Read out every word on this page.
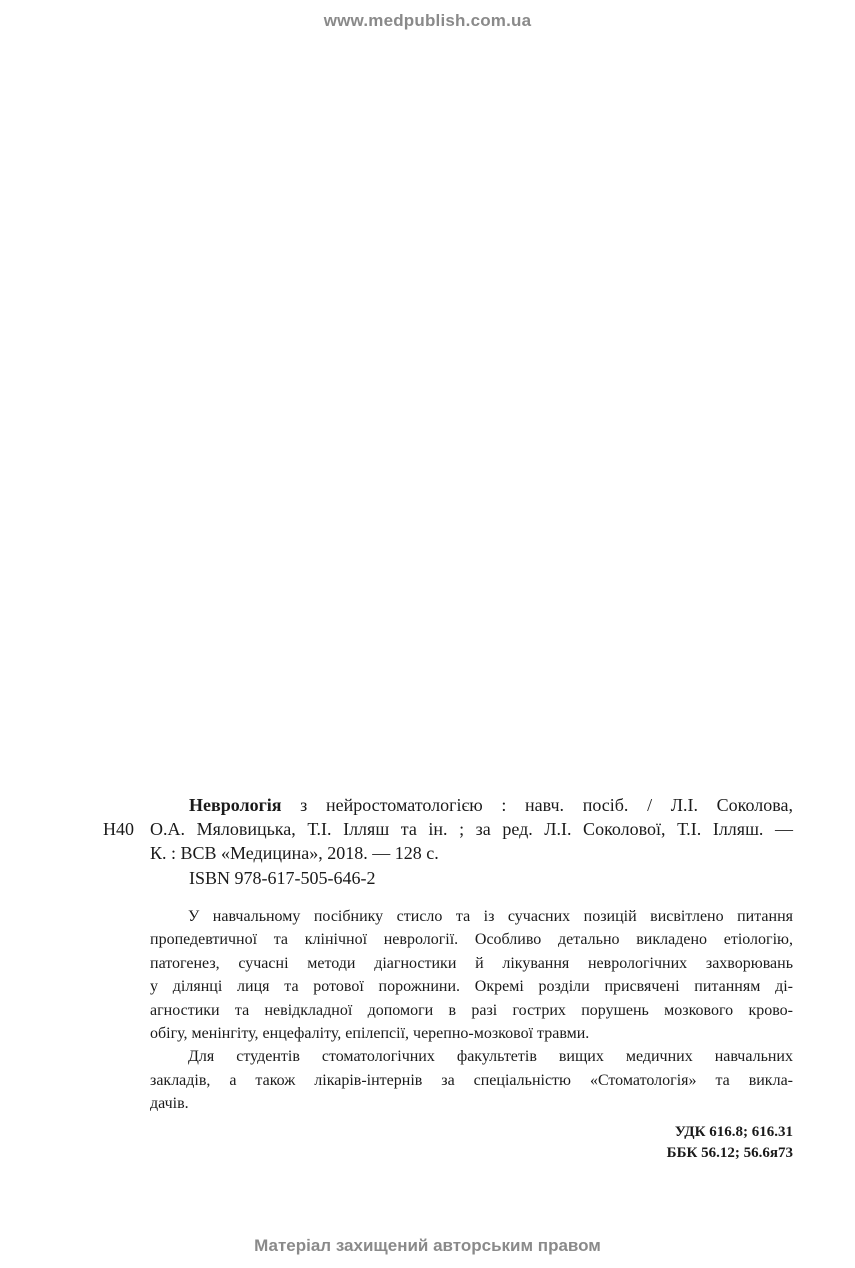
www.medpublish.com.ua
Н40
Неврологія з нейростоматологією : навч. посіб. / Л.І. Соколова,
О.А. Мяловицька, Т.І. Ілляш та ін. ; за ред. Л.І. Соколової, Т.І. Ілляш. —
К. : ВСВ «Медицина», 2018. — 128 с.
ISBN 978-617-505-646-2
У навчальному посібнику стисло та із сучасних позицій висвітлено питання
пропедевтичної та клінічної неврології. Особливо детально викладено етіологію,
патогенез, сучасні методи діагностики й лікування неврологічних захворювань
у ділянці лиця та ротової порожнини. Окремі розділи присвячені питанням ді-
агностики та невідкладної допомоги в разі гострих порушень мозкового крово-
обігу, менінгіту, енцефаліту, епілепсії, черепно-мозкової травми.
Для студентів стоматологічних факультетів вищих медичних навчальних
закладів, а також лікарів-інтернів за спеціальністю «Стоматологія» та викла-
дачів.
УДК 616.8; 616.31
ББК 56.12; 56.6я73
Матеріал захищений авторським правом
